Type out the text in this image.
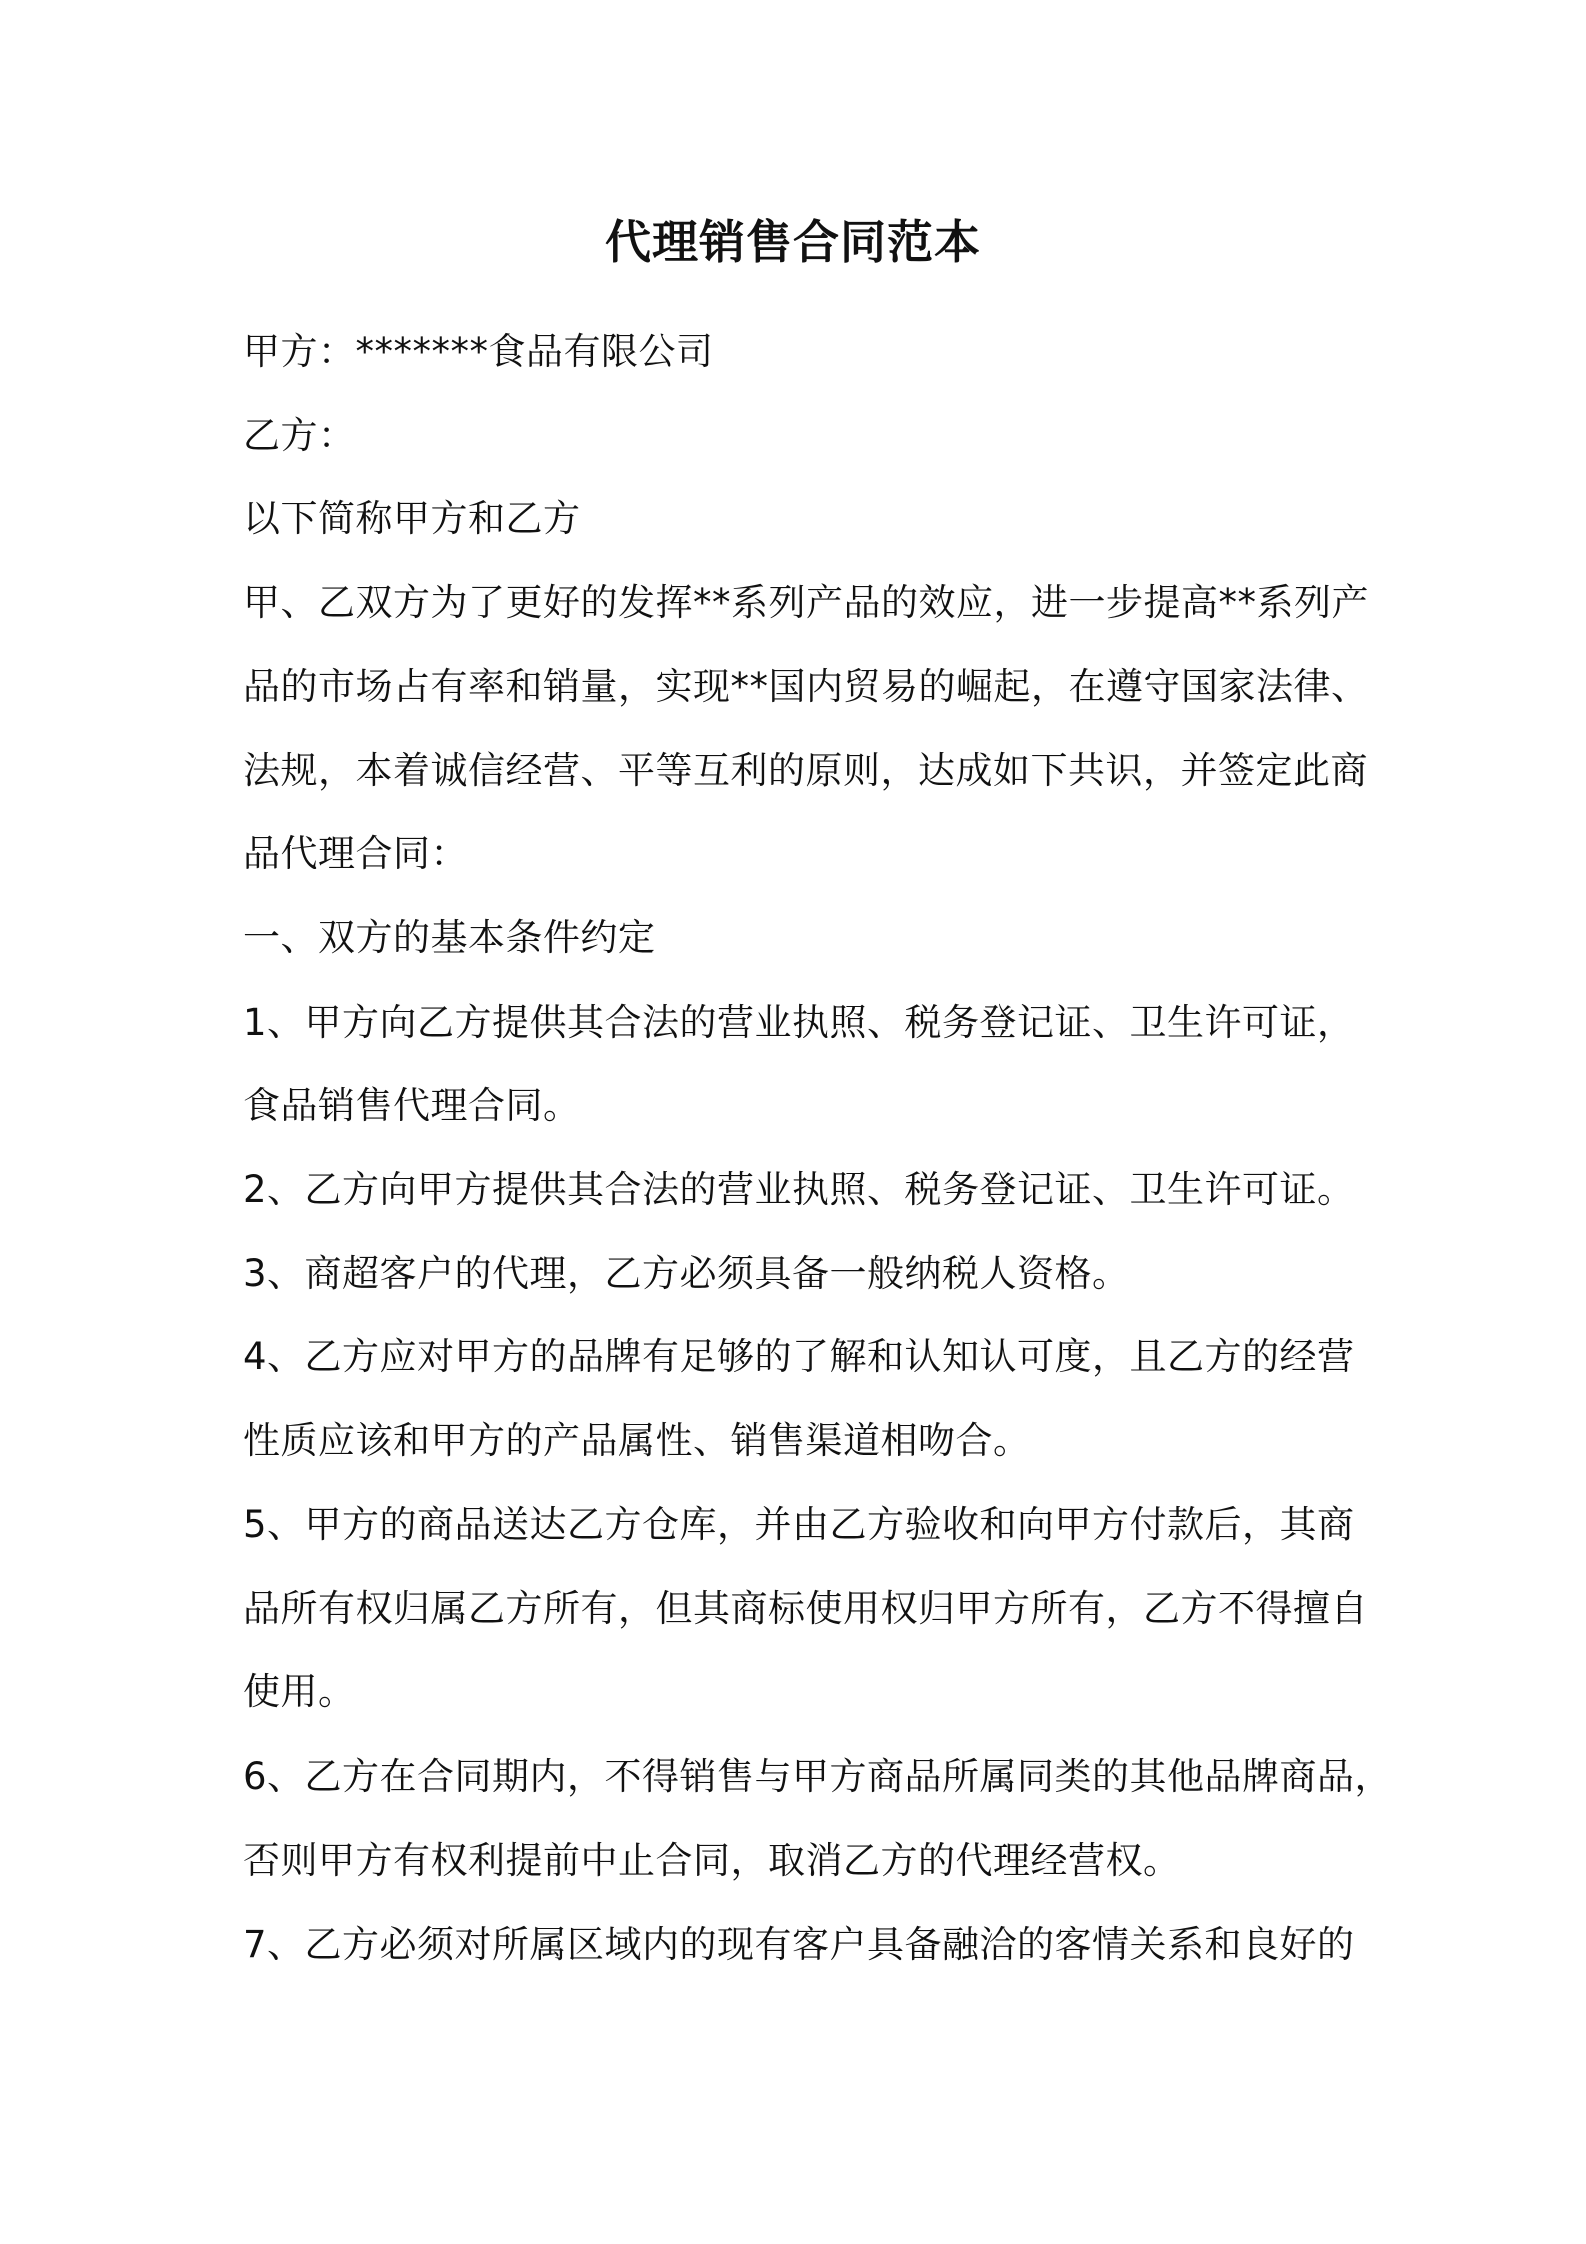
代理销售合同范本
甲方：*******食品有限公司
乙方：
以下简称甲方和乙方
甲、乙双方为了更好的发挥**系列产品的效应，进一步提高**系列产
品的市场占有率和销量，实现**国内贸易的崛起，在遵守国家法律、
法规，本着诚信经营、平等互利的原则，达成如下共识，并签定此商
品代理合同：
一、双方的基本条件约定
1、甲方向乙方提供其合法的营业执照、税务登记证、卫生许可证，
食品销售代理合同。
2、乙方向甲方提供其合法的营业执照、税务登记证、卫生许可证。
3、商超客户的代理，乙方必须具备一般纳税人资格。
4、乙方应对甲方的品牌有足够的了解和认知认可度，且乙方的经营
性质应该和甲方的产品属性、销售渠道相吻合。
5、甲方的商品送达乙方仓库，并由乙方验收和向甲方付款后，其商
品所有权归属乙方所有，但其商标使用权归甲方所有，乙方不得擅自
使用。
6、乙方在合同期内，不得销售与甲方商品所属同类的其他品牌商品，
否则甲方有权利提前中止合同，取消乙方的代理经营权。
7、乙方必须对所属区域内的现有客户具备融洽的客情关系和良好的
